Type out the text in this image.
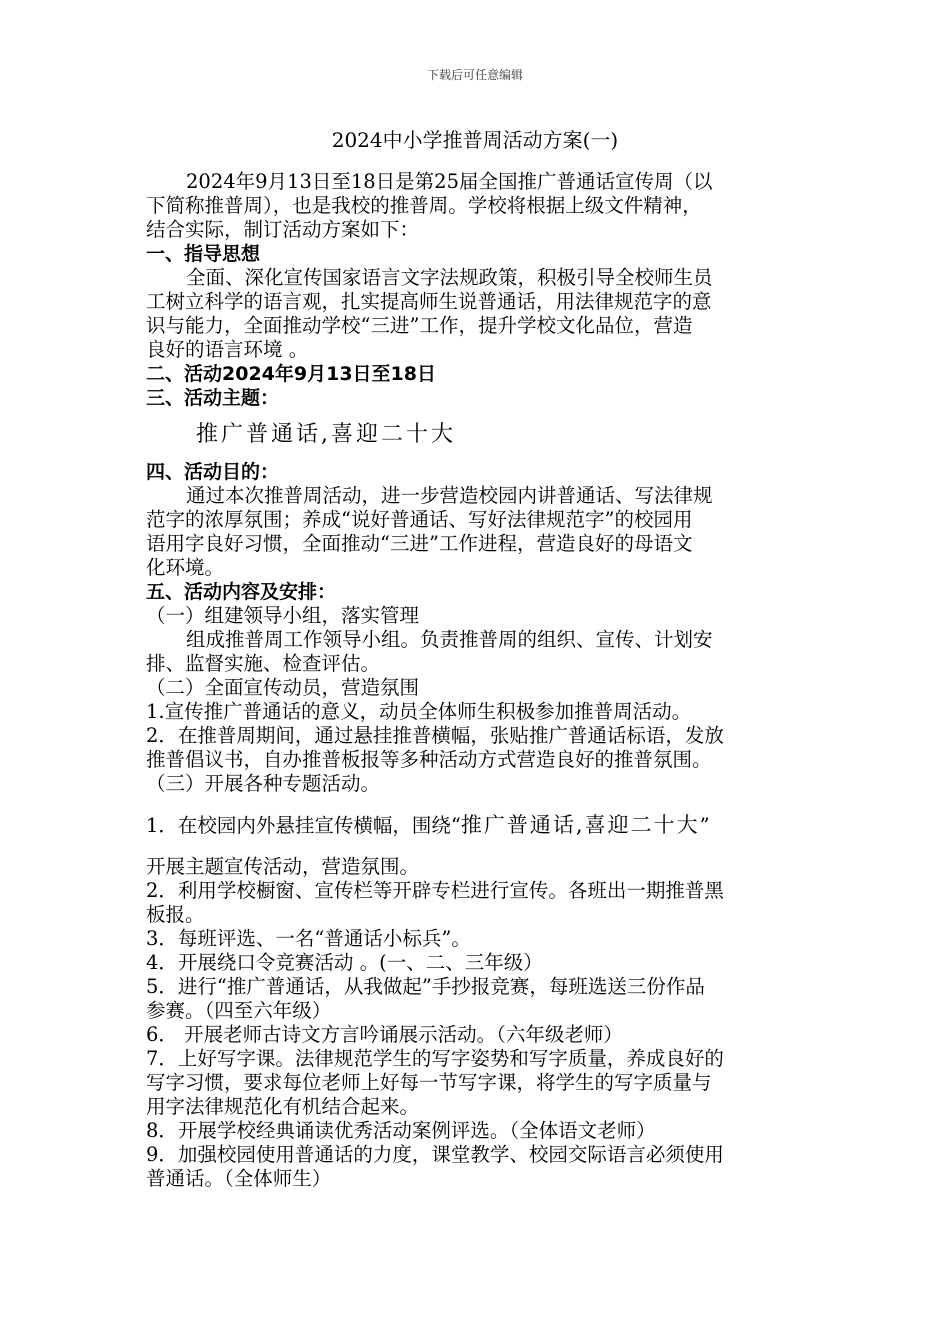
下载后可任意编辑
2024中小学推普周活动方案(一)

2024年9月13日至18日是第25届全国推广普通话宣传周（以

下简称推普周），也是我校的推普周。学校将根据上级文件精神，

结合实际，制订活动方案如下：

一、指导思想

全面、深化宣传国家语言文字法规政策，积极引导全校师生员

工树立科学的语言观，扎实提高师生说普通话，用法律规范字的意

识与能力，全面推动学校“三进”工作，提升学校文化品位，营造

良好的语言环境 。

二、活动2024年9月13日至18日

三、活动主题：

推广普通话,喜迎二十大

四、活动目的：

通过本次推普周活动，进一步营造校园内讲普通话、写法律规

范字的浓厚氛围；养成“说好普通话、写好法律规范字”的校园用

语用字良好习惯，全面推动“三进”工作进程，营造良好的母语文

化环境。

五、活动内容及安排：

（一）组建领导小组，落实管理

组成推普周工作领导小组。负责推普周的组织、宣传、计划安

排、监督实施、检查评估。

（二）全面宣传动员，营造氛围

1.宣传推广普通话的意义，动员全体师生积极参加推普周活动。

2．在推普周期间，通过悬挂推普横幅，张贴推广普通话标语，发放

推普倡议书，自办推普板报等多种活动方式营造良好的推普氛围。

（三）开展各种专题活动。

1．在校园内外悬挂宣传横幅，围绕“推广普通话,喜迎二十大”

开展主题宣传活动，营造氛围。

2．利用学校橱窗、宣传栏等开辟专栏进行宣传。各班出一期推普黑

板报。

3．每班评选、一名“普通话小标兵”。

4．开展绕口令竞赛活动 。(一、二、三年级）

5．进行“推广普通话，从我做起”手抄报竞赛，每班选送三份作品

参赛。（四至六年级）

6． 开展老师古诗文方言吟诵展示活动。（六年级老师）

7．上好写字课。法律规范学生的写字姿势和写字质量，养成良好的

写字习惯，要求每位老师上好每一节写字课，将学生的写字质量与

用字法律规范化有机结合起来。

8．开展学校经典诵读优秀活动案例评选。（全体语文老师）

9．加强校园使用普通话的力度，课堂教学、校园交际语言必须使用

普通话。（全体师生）
